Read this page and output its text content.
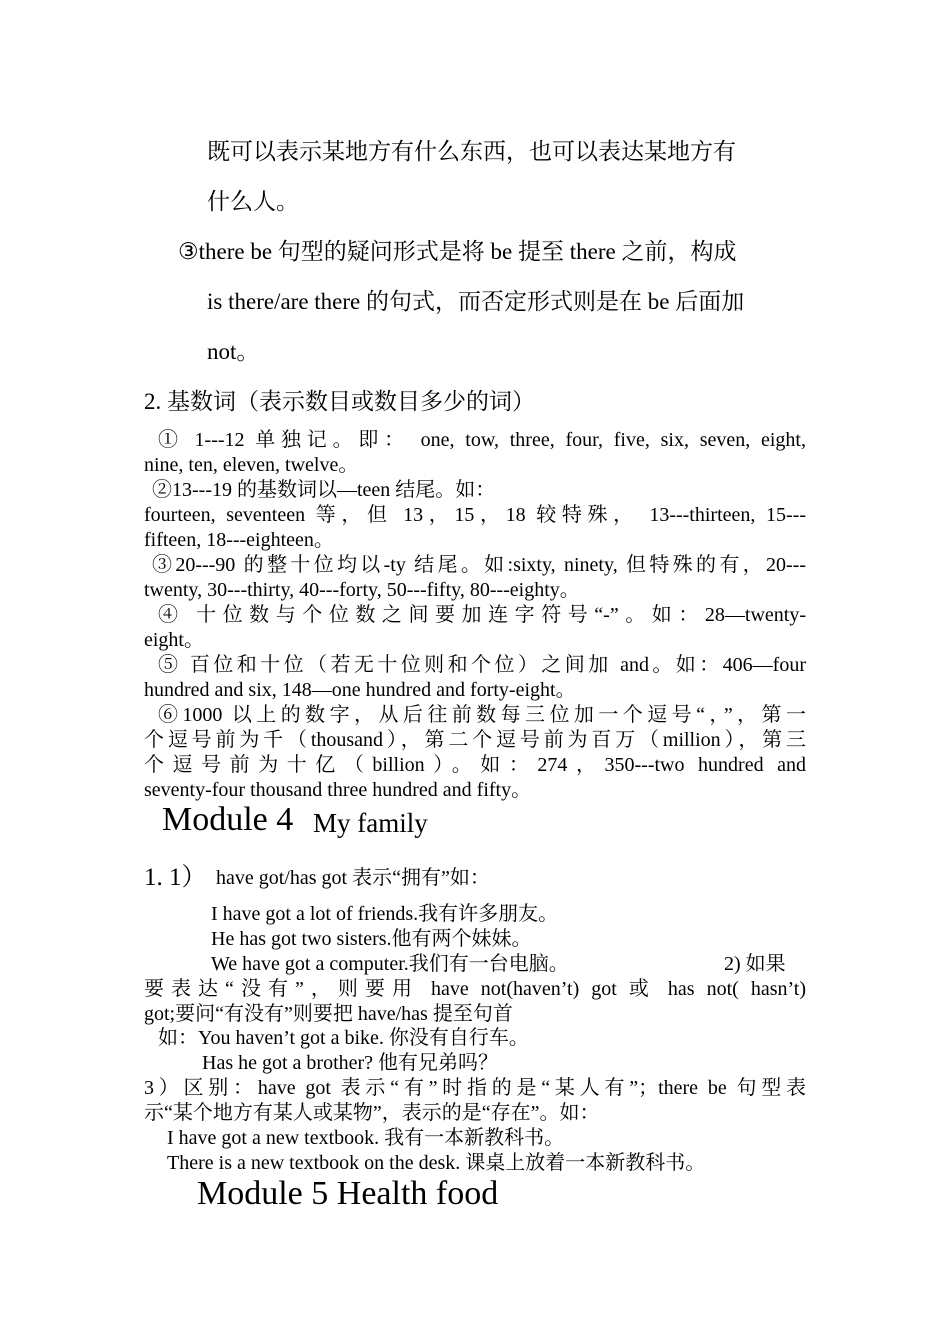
既可以表示某地方有什么东西，也可以表达某地方有
什么人。
③there be 句型的疑问形式是将 be 提至 there 之前，构成
is there/are there 的句式，而否定形式则是在 be 后面加
not。
2. 基数词（表示数目或数目多少的词）
① 1---12 单独记。即： one, tow, three, four, five, six, seven, eight,
nine, ten, eleven, twelve。
②13---19 的基数词以—teen 结尾。如：
fourteen, seventeen 等，但 13，15，18 较特殊， 13---thirteen, 15---
fifteen, 18---eighteen。
③20---90 的整十位均以-ty 结尾。如:sixty, ninety, 但特殊的有，20---
twenty, 30---thirty, 40---forty, 50---fifty, 80---eighty。
④ 十位数与个位数之间要加连字符号“-”。如：28—twenty-
eight。
⑤ 百位和十位（若无十位则和个位）之间加 and。如：406—four
hundred and six, 148—one hundred and forty-eight。
⑥1000 以上的数字，从后往前数每三位加一个逗号“，”，第一
个逗号前为千（thousand），第二个逗号前为百万（million），第三
个逗号前为十亿（billion）。如：274，350---two hundred and
seventy-four thousand three hundred and fifty。
Module 4 My family
1. 1） have got/has got 表示“拥有”如：
I have got a lot of friends.我有许多朋友。
He has got two sisters.他有两个妹妹。
We have got a computer.我们有一台电脑。	2) 如果
要表达“没有”，则要用 have not(haven’t) got 或 has not( hasn’t)
got;要问“有没有”则要把 have/has 提至句首
如：You haven’t got a bike. 你没有自行车。
Has he got a brother? 他有兄弟吗？
3）区别：have got 表示“有”时指的是“某人有”；there be 句型表
示“某个地方有某人或某物”，表示的是“存在”。如：
I have got a new textbook. 我有一本新教科书。
There is a new textbook on the desk. 课桌上放着一本新教科书。
Module 5 Health food
